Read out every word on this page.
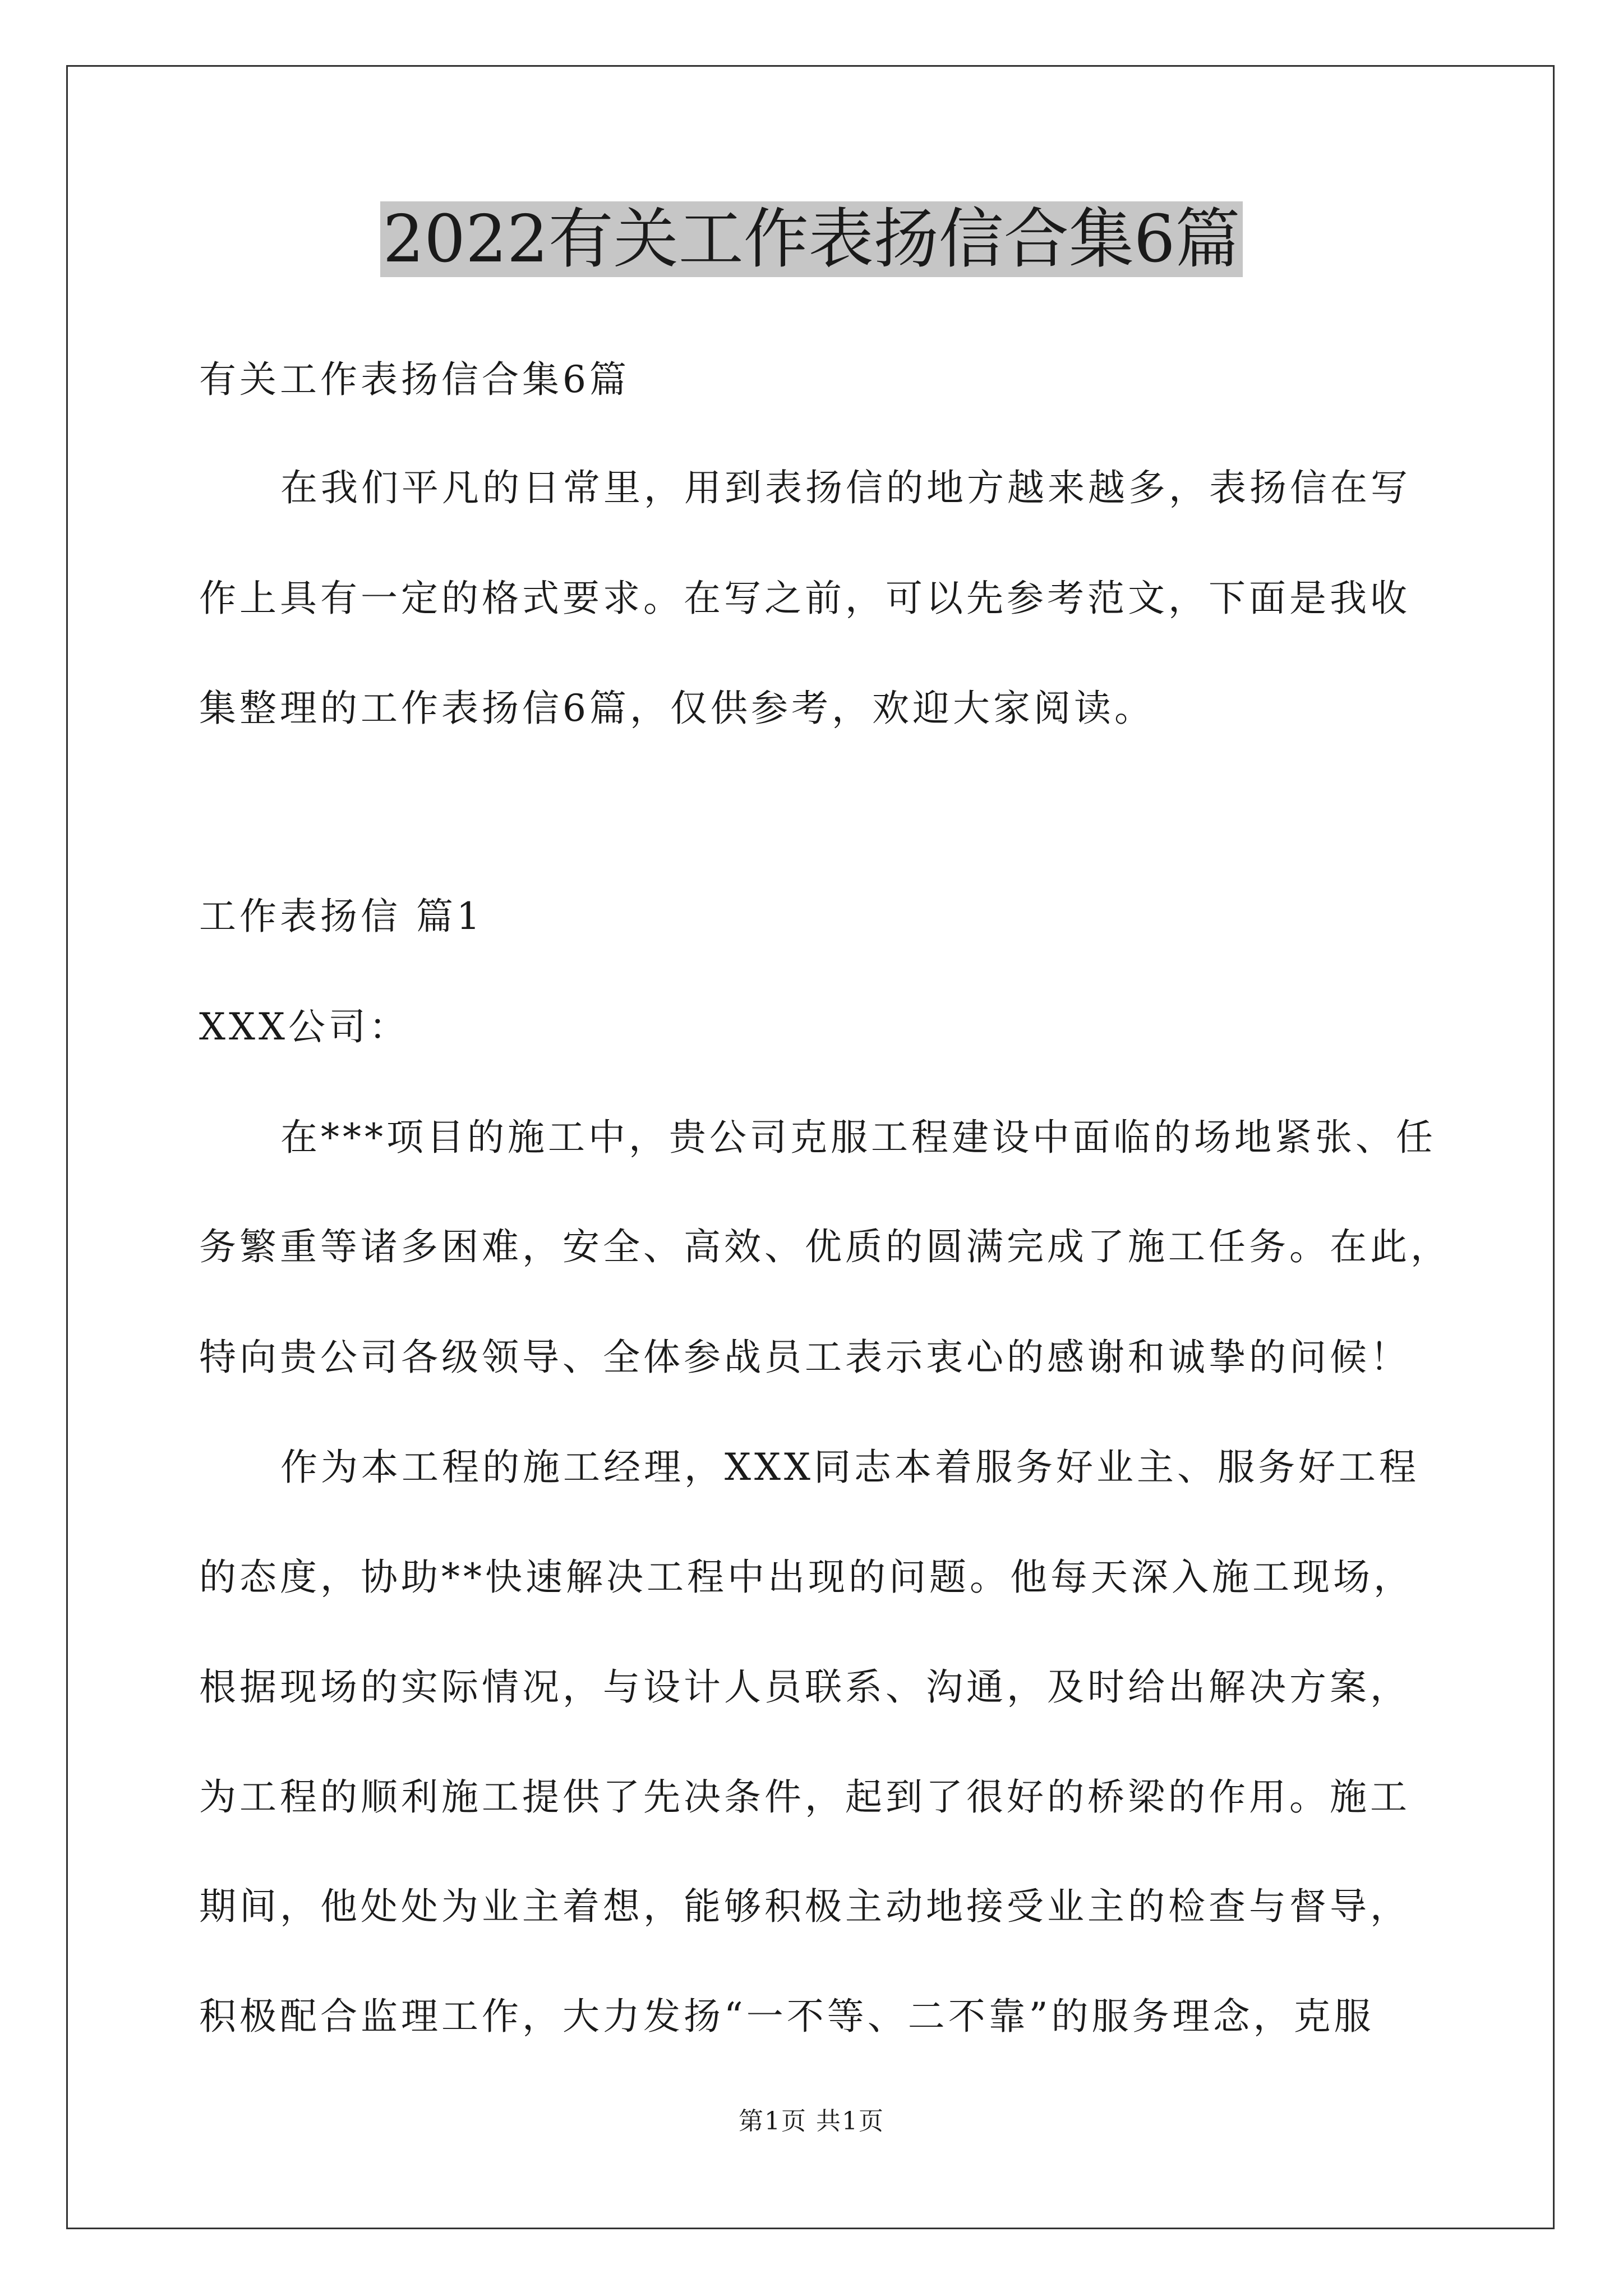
2022有关工作表扬信合集6篇
有关工作表扬信合集6篇
在我们平凡的日常里，用到表扬信的地方越来越多，表扬信在写
作上具有一定的格式要求。在写之前，可以先参考范文，下面是我收
集整理的工作表扬信6篇，仅供参考，欢迎大家阅读。
工作表扬信 篇1
XXX公司：
在***项目的施工中，贵公司克服工程建设中面临的场地紧张、任
务繁重等诸多困难，安全、高效、优质的圆满完成了施工任务。在此，
特向贵公司各级领导、全体参战员工表示衷心的感谢和诚挚的问候！
作为本工程的施工经理，XXX同志本着服务好业主、服务好工程
的态度，协助**快速解决工程中出现的问题。他每天深入施工现场，
根据现场的实际情况，与设计人员联系、沟通，及时给出解决方案，
为工程的顺利施工提供了先决条件，起到了很好的桥梁的作用。施工
期间，他处处为业主着想，能够积极主动地接受业主的检查与督导，
积极配合监理工作，大力发扬“一不等、二不靠”的服务理念，克服
第1页 共1页
